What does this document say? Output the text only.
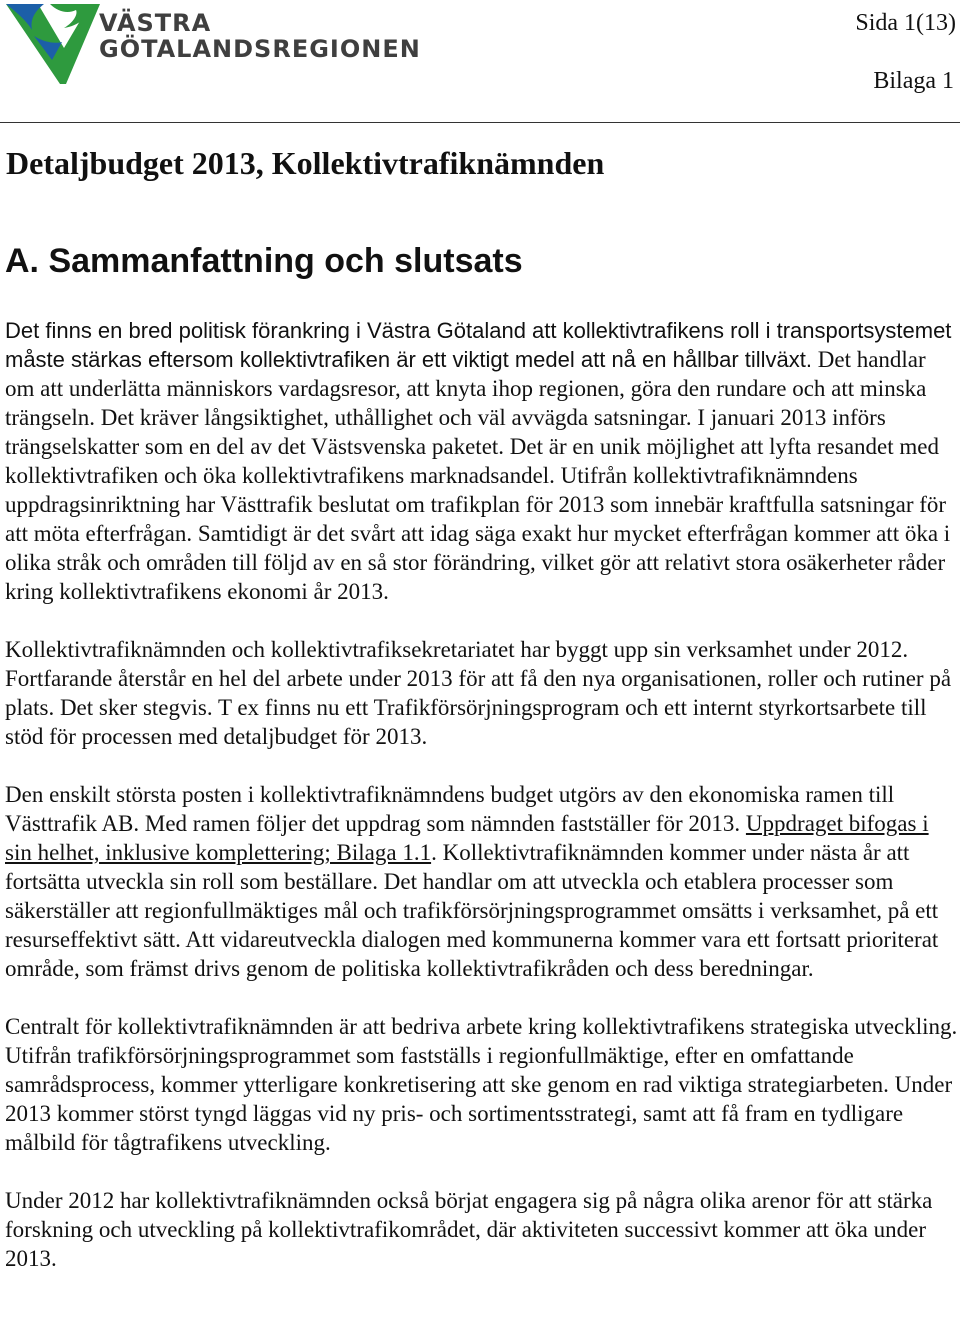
VÄSTRA
GÖTALANDSREGIONEN
Sida 1(13)
Bilaga 1
Detaljbudget 2013, Kollektivtrafiknämnden
A. Sammanfattning och slutsats

Det finns en bred politisk förankring i Västra Götaland att kollektivtrafikens roll i transportsystemet måste stärkas eftersom kollektivtrafiken är ett viktigt medel att nå en hållbar tillväxt. Det handlar om att underlätta människors vardagsresor, att knyta ihop regionen, göra den rundare och att minska trängseln. Det kräver långsiktighet, uthållighet och väl avvägda satsningar. I januari 2013 införs trängselskatter som en del av det Västsvenska paketet. Det är en unik möjlighet att lyfta resandet med kollektivtrafiken och öka kollektivtrafikens marknadsandel. Utifrån kollektivtrafiknämndens uppdragsinriktning har Västtrafik beslutat om trafikplan för 2013 som innebär kraftfulla satsningar för att möta efterfrågan. Samtidigt är det svårt att idag säga exakt hur mycket efterfrågan kommer att öka i olika stråk och områden till följd av en så stor förändring, vilket gör att relativt stora osäkerheter råder kring kollektivtrafikens ekonomi år 2013.

Kollektivtrafiknämnden och kollektivtrafiksekretariatet har byggt upp sin verksamhet under 2012. Fortfarande återstår en hel del arbete under 2013 för att få den nya organisationen, roller och rutiner på plats. Det sker stegvis. T ex finns nu ett Trafikförsörjningsprogram och ett internt styrkortsarbete till stöd för processen med detaljbudget för 2013.

Den enskilt största posten i kollektivtrafiknämndens budget utgörs av den ekonomiska ramen till Västtrafik AB. Med ramen följer det uppdrag som nämnden fastställer för 2013. Uppdraget bifogas i sin helhet, inklusive komplettering; Bilaga 1.1. Kollektivtrafiknämnden kommer under nästa år att fortsätta utveckla sin roll som beställare. Det handlar om att utveckla och etablera processer som säkerställer att regionfullmäktiges mål och trafikförsörjningsprogrammet omsätts i verksamhet, på ett resurseffektivt sätt. Att vidareutveckla dialogen med kommunerna kommer vara ett fortsatt prioriterat område, som främst drivs genom de politiska kollektivtrafikråden och dess beredningar.

Centralt för kollektivtrafiknämnden är att bedriva arbete kring kollektivtrafikens strategiska utveckling. Utifrån trafikförsörjningsprogrammet som fastställs i regionfullmäktige, efter en omfattande samrådsprocess, kommer ytterligare konkretisering att ske genom en rad viktiga strategiarbeten. Under 2013 kommer störst tyngd läggas vid ny pris- och sortimentsstrategi, samt att få fram en tydligare målbild för tågtrafikens utveckling.

Under 2012 har kollektivtrafiknämnden också börjat engagera sig på några olika arenor för att stärka forskning och utveckling på kollektivtrafikområdet, där aktiviteten successivt kommer att öka under 2013.
